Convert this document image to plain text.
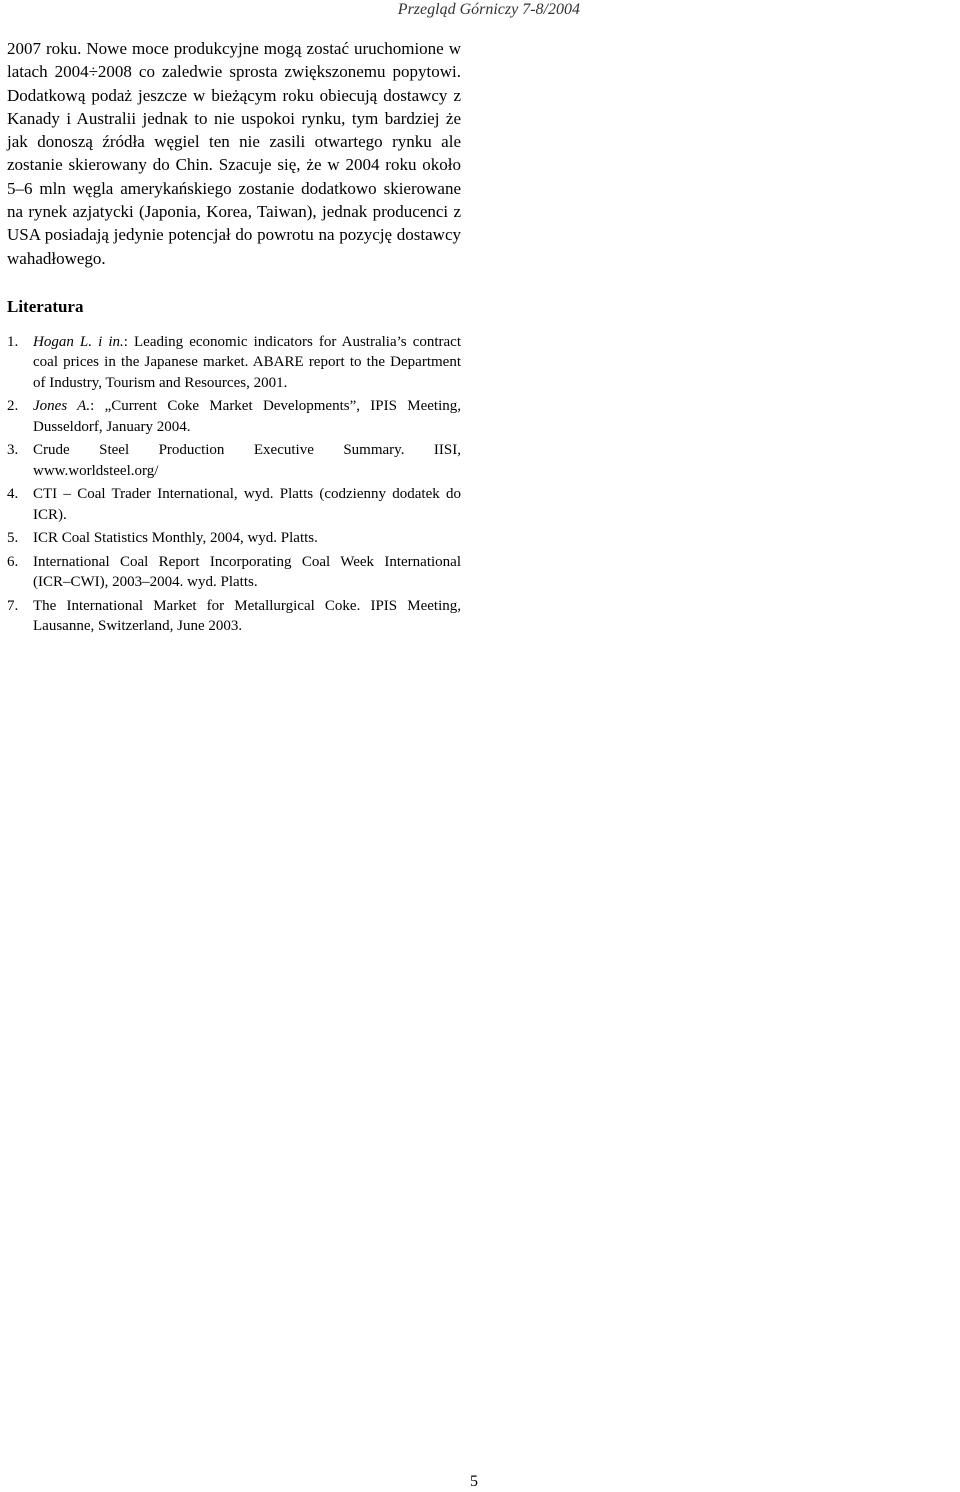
Przegląd Górniczy 7-8/2004

2007 roku. Nowe moce produkcyjne mogą zostać uruchomione w latach 2004÷2008 co zaledwie sprosta zwiększonemu popytowi. Dodatkową podaż jeszcze w bieżącym roku obiecują dostawcy z Kanady i Australii jednak to nie uspokoi rynku, tym bardziej że jak donoszą źródła węgiel ten nie zasili otwartego rynku ale zostanie skierowany do Chin. Szacuje się, że w 2004 roku około 5–6 mln węgla amerykańskiego zostanie dodatkowo skierowane na rynek azjatycki (Japonia, Korea, Taiwan), jednak producenci z USA posiadają jedynie potencjał do powrotu na pozycję dostawcy wahadłowego.

Literatura
1. Hogan L. i in.: Leading economic indicators for Australia’s contract coal prices in the Japanese market. ABARE report to the Department of Industry, Tourism and Resources, 2001.
2. Jones A.: „Current Coke Market Developments”, IPIS Meeting, Dusseldorf, January 2004.
3. Crude Steel Production Executive Summary. IISI, www.worldsteel.org/
4. CTI – Coal Trader International, wyd. Platts (codzienny dodatek do ICR).
5. ICR Coal Statistics Monthly, 2004, wyd. Platts.
6. International Coal Report Incorporating Coal Week International (ICR–CWI), 2003–2004. wyd. Platts.
7. The International Market for Metallurgical Coke. IPIS Meeting, Lausanne, Switzerland, June 2003.
5
